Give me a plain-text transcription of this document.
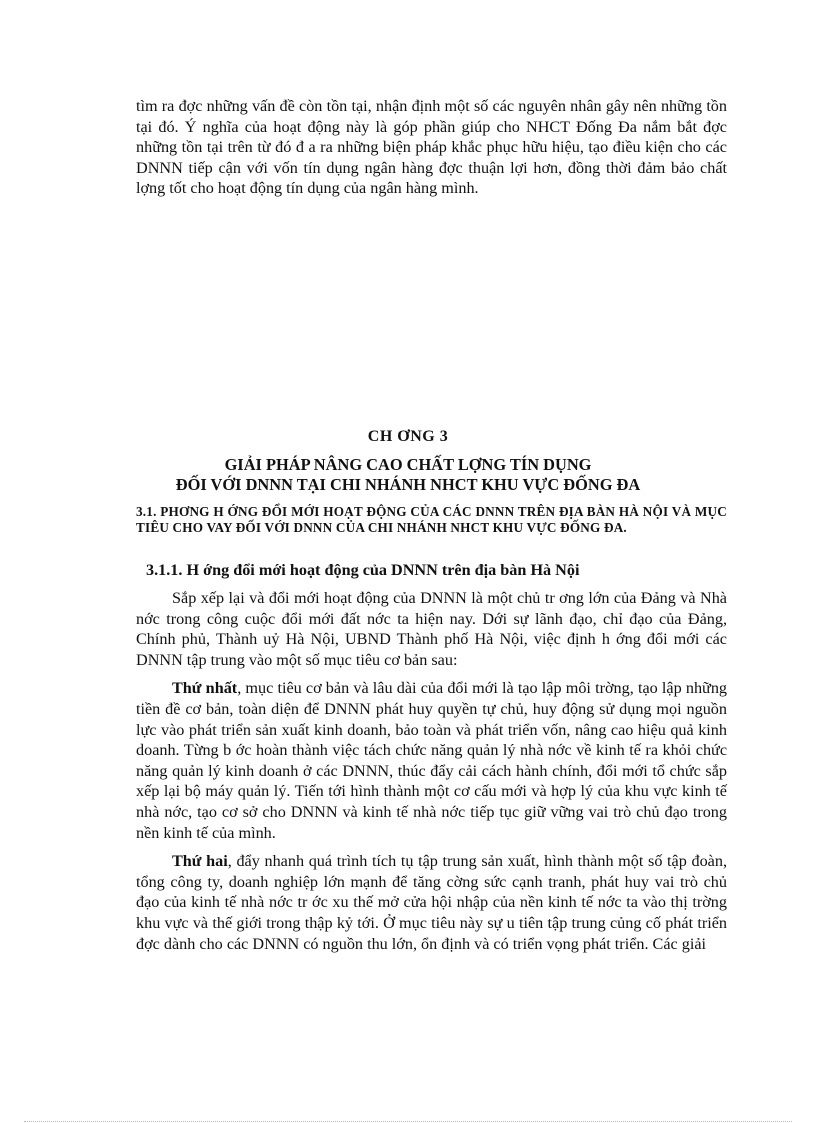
tìm ra đợc những vấn đề còn tồn tại, nhận định một số các nguyên nhân gây nên những tồn tại đó. Ý nghĩa của hoạt động này là góp phần giúp cho NHCT Đống Đa nắm bắt đợc những tồn tại trên từ đó đ a ra những biện pháp khắc phục hữu hiệu, tạo điều kiện cho các DNNN tiếp cận với vốn tín dụng ngân hàng đợc thuận lợi hơn, đồng thời đảm bảo chất lợng tốt cho hoạt động tín dụng của ngân hàng mình.

CH ƠNG 3
GIẢI PHÁP NÂNG CAO CHẤT LỢNG TÍN DỤNG
ĐỐI VỚI DNNN TẠI CHI NHÁNH NHCT KHU VỰC ĐỐNG ĐA

3.1. PHƠNG H ỚNG ĐỔI MỚI HOẠT ĐỘNG CỦA CÁC DNNN TRÊN ĐỊA BÀN HÀ NỘI VÀ MỤC TIÊU CHO VAY ĐỐI VỚI DNNN CỦA CHI NHÁNH NHCT KHU VỰC ĐỐNG ĐA.

3.1.1. H ớng đổi mới hoạt động của DNNN trên địa bàn Hà Nội

Sắp xếp lại và đổi mới hoạt động của DNNN là một chủ tr ơng lớn của Đảng và Nhà nớc trong công cuộc đổi mới đất nớc ta hiện nay. Dới sự lãnh đạo, chỉ đạo của Đảng, Chính phủ, Thành uỷ Hà Nội, UBND Thành phố Hà Nội, việc định h ớng đổi mới các DNNN tập trung vào một số mục tiêu cơ bản sau:

Thứ nhất, mục tiêu cơ bản và lâu dài của đổi mới là tạo lập môi trờng, tạo lập những tiền đề cơ bản, toàn diện để DNNN phát huy quyền tự chủ, huy động sử dụng mọi nguồn lực vào phát triển sản xuất kinh doanh, bảo toàn và phát triển vốn, nâng cao hiệu quả kinh doanh. Từng b ớc hoàn thành việc tách chức năng quản lý nhà nớc về kinh tế ra khỏi chức năng quản lý kinh doanh ở các DNNN, thúc đẩy cải cách hành chính, đổi mới tổ chức sắp xếp lại bộ máy quản lý. Tiến tới hình thành một cơ cấu mới và hợp lý của khu vực kinh tế nhà nớc, tạo cơ sở cho DNNN và kinh tế nhà nớc tiếp tục giữ vững vai trò chủ đạo trong nền kinh tế của mình.

Thứ hai, đẩy nhanh quá trình tích tụ tập trung sản xuất, hình thành một số tập đoàn, tổng công ty, doanh nghiệp lớn mạnh để tăng cờng sức cạnh tranh, phát huy vai trò chủ đạo của kinh tế nhà nớc tr ớc xu thế mở cửa hội nhập của nền kinh tế nớc ta vào thị trờng khu vực và thế giới trong thập kỷ tới. Ở mục tiêu này sự u tiên tập trung củng cố phát triển đợc dành cho các DNNN có nguồn thu lớn, ổn định và có triển vọng phát triển. Các giải
